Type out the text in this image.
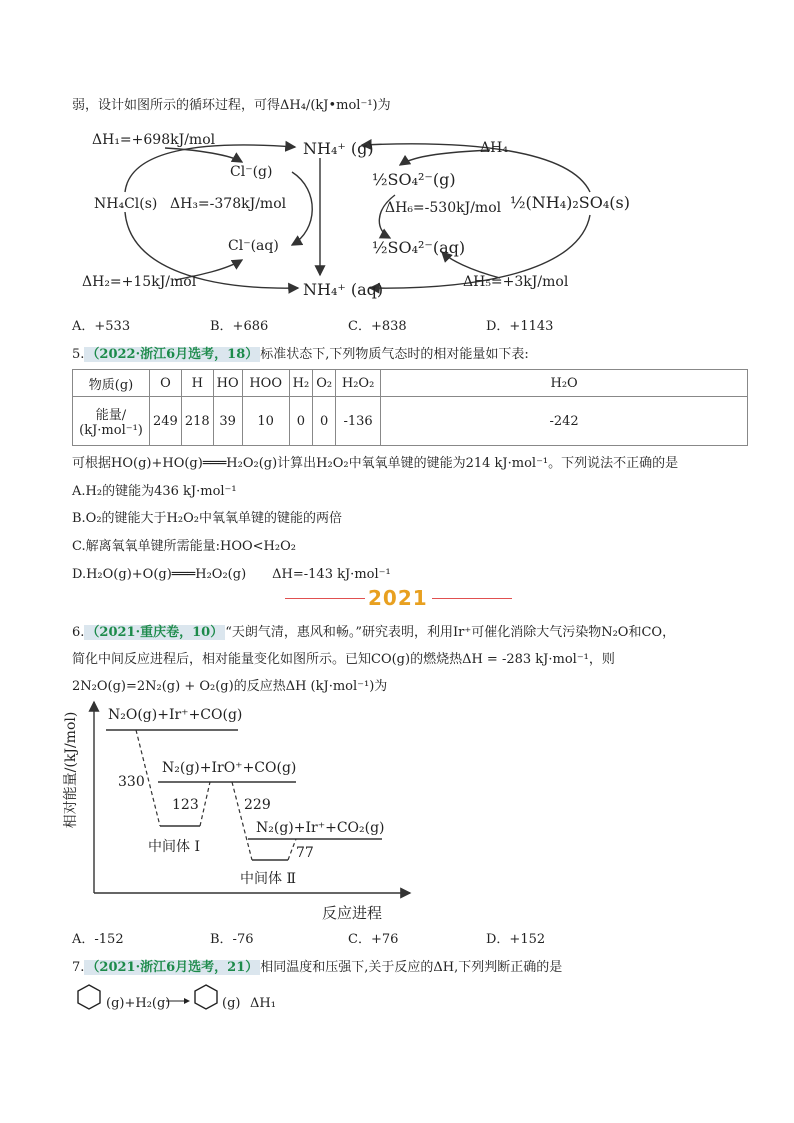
弱，设计如图所示的循环过程，可得ΔH₄/(kJ•mol⁻¹)为
ΔH₁=+698kJ/mol
Cl⁻(g)
NH₄Cl(s) ΔH₃=-378kJ/mol
Cl⁻(aq)
ΔH₂=+15kJ/mol
NH₄⁺ (g)
NH₄⁺ (aq)
ΔH₄
½SO₄²⁻(g)
ΔH₆=-530kJ/mol ½(NH₄)₂SO₄(s)
½SO₄²⁻(aq)
ΔH₅=+3kJ/mol
A．+533	B．+686	C．+838	D．+1143
5. （2022·浙江6月选考，18） 标准状态下,下列物质气态时的相对能量如下表:
物质(g)	O	H	HO	HOO	H₂	O₂	H₂O₂	H₂O

能量/
(kJ·mol⁻¹)	249	218	39	10	0	0	-136	-242
可根据HO(g)+HO(g)═══H₂O₂(g)计算出H₂O₂中氧氧单键的键能为214 kJ·mol⁻¹。下列说法不正确的是
A.H₂的键能为436 kJ·mol⁻¹
B.O₂的键能大于H₂O₂中氧氧单键的键能的两倍
C.解离氧氧单键所需能量:HOO<H₂O₂
D.H₂O(g)+O(g)═══H₂O₂(g)　　ΔH=-143 kJ·mol⁻¹
2021
6. （2021·重庆卷，10） “天朗气清，惠风和畅。”研究表明，利用Ir⁺可催化消除大气污染物N₂O和CO，
简化中间反应进程后，相对能量变化如图所示。已知CO(g)的燃烧热ΔH = -283 kJ·mol⁻¹，则
2N₂O(g)=2N₂(g) + O₂(g)的反应热ΔH (kJ·mol⁻¹)为
相对能量/(kJ/mol) N₂O(g)+Ir⁺+CO(g)
N₂(g)+IrO⁺+CO(g)
N₂(g)+Ir⁺+CO₂(g)
330
123	229
77
中间体 Ⅰ
中间体 Ⅱ
反应进程
A．-152	B．-76	C．+76	D．+152
7. （2021·浙江6月选考，21） 相同温度和压强下,关于反应的ΔH,下列判断正确的是
(g)+H₂(g)	(g) ΔH₁
